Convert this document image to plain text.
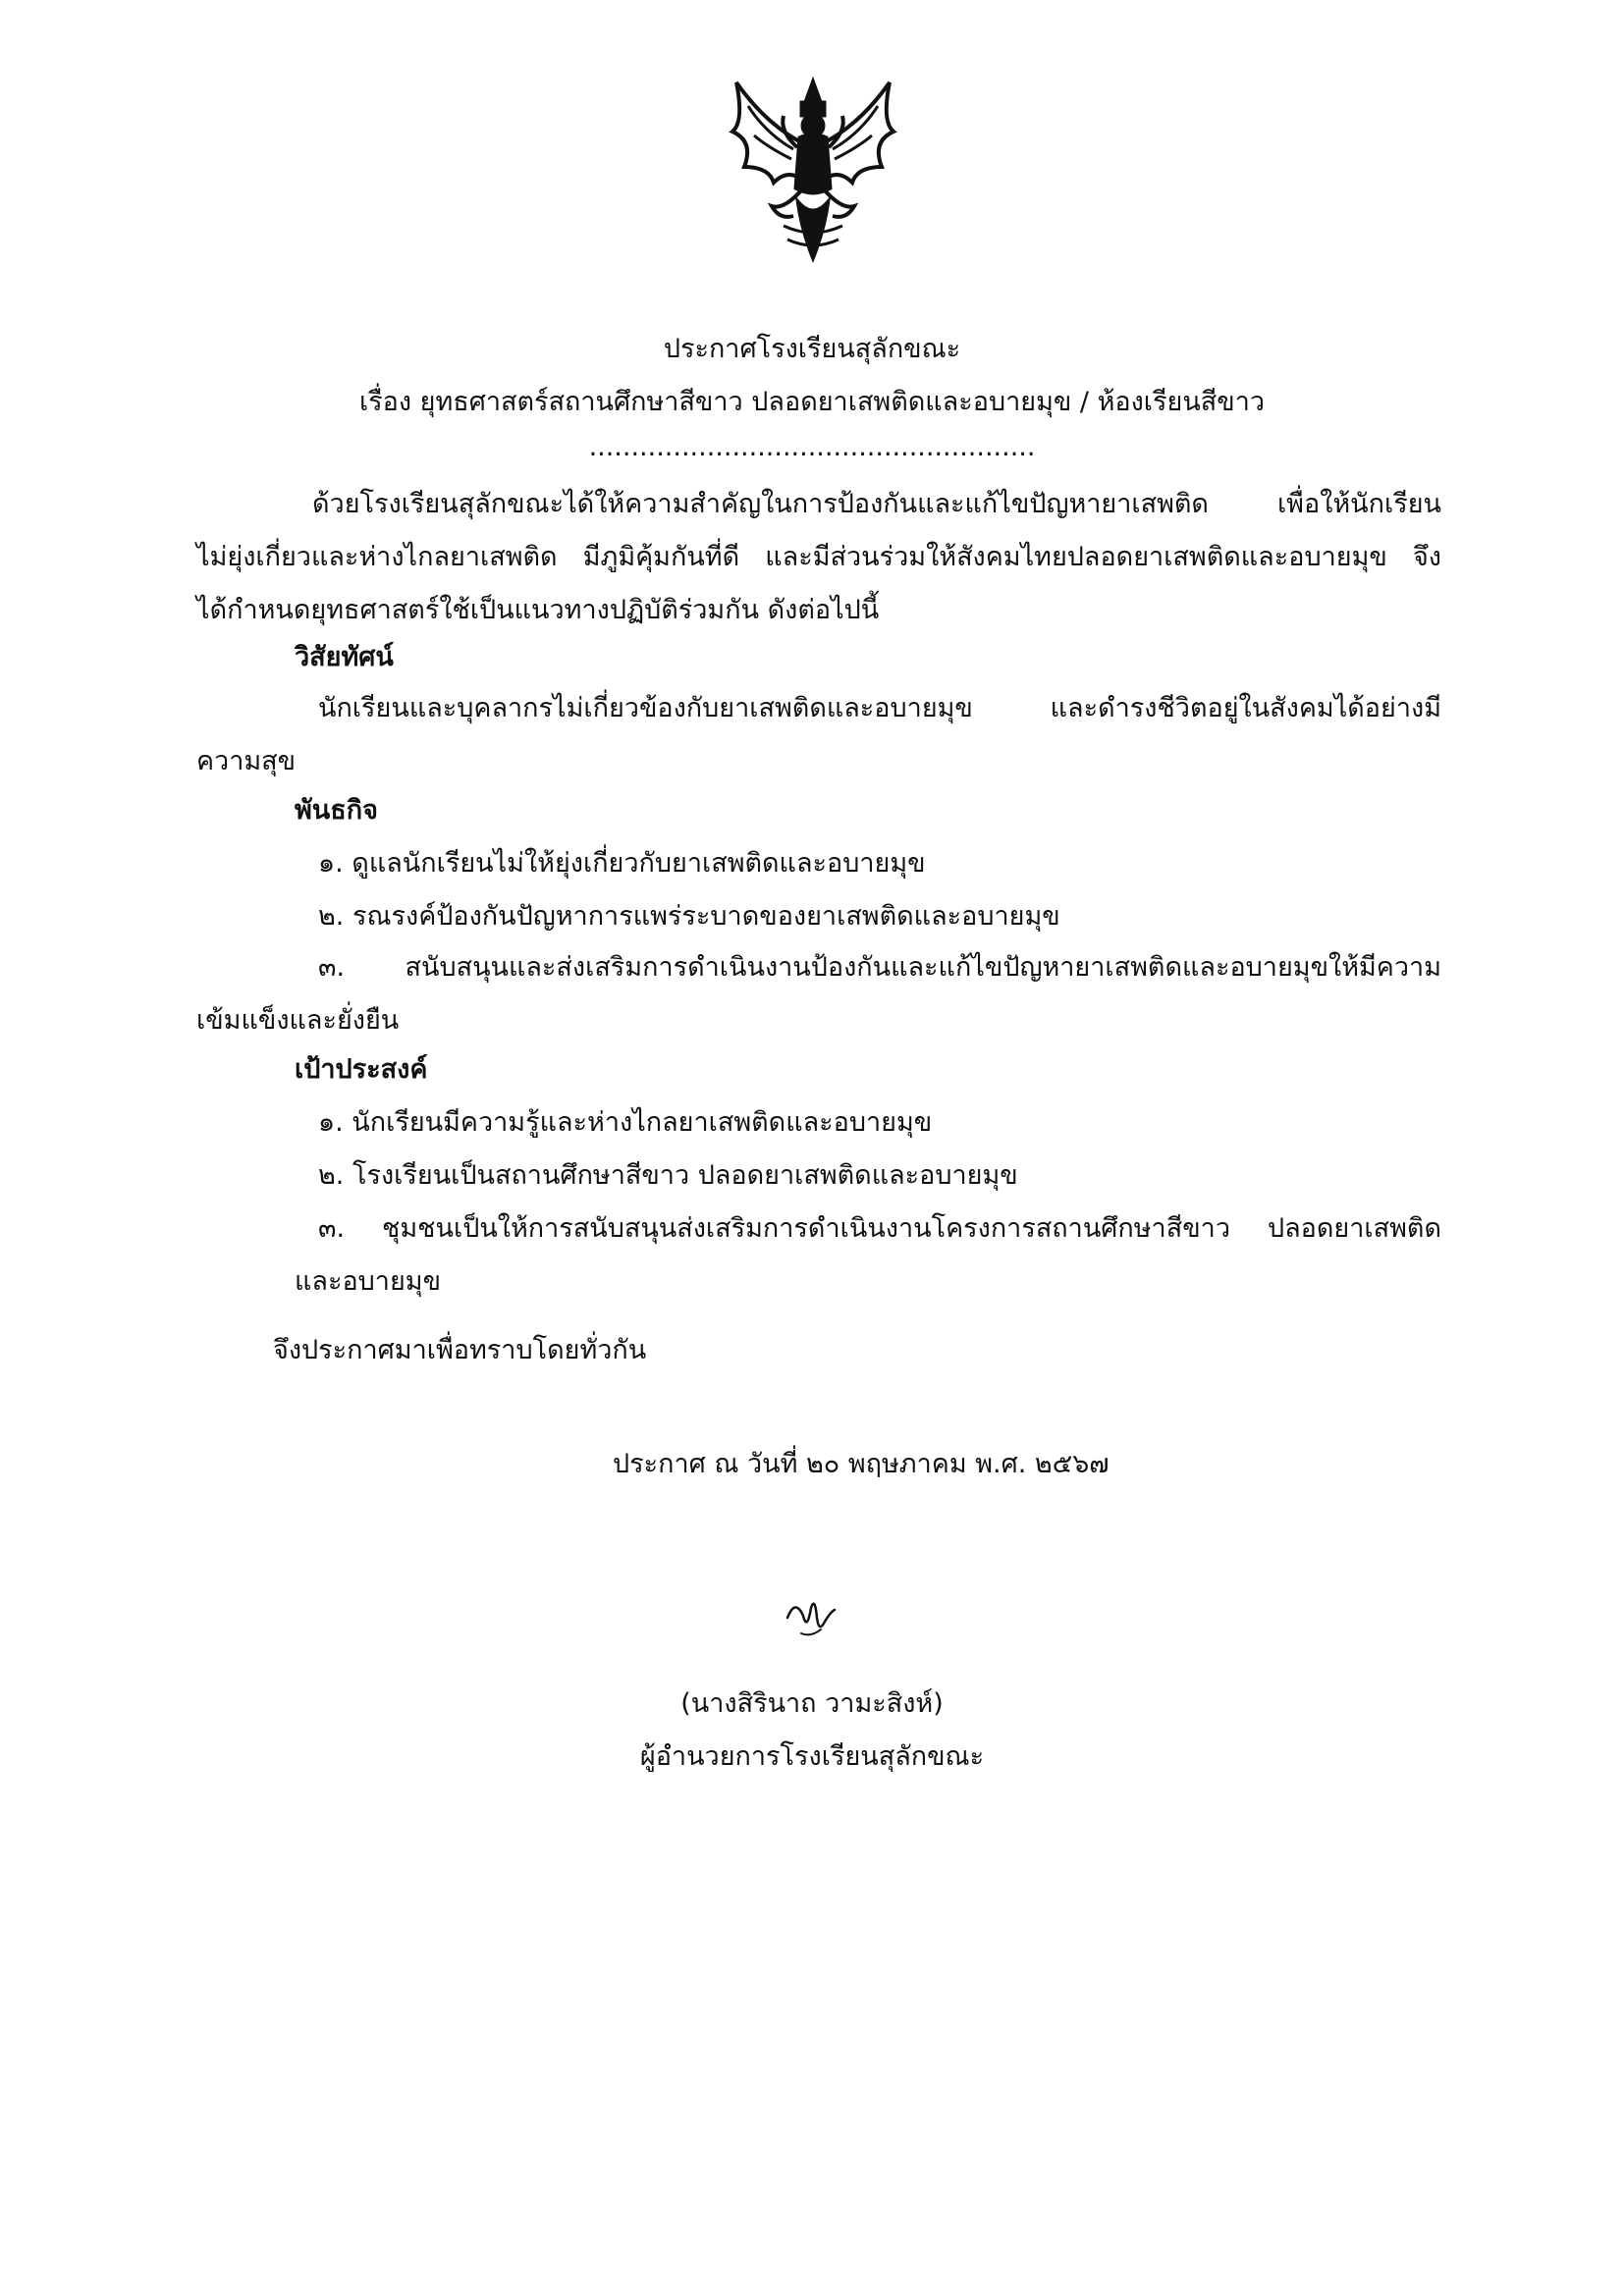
ประกาศโรงเรียนสุลักขณะ
เรื่อง ยุทธศาสตร์สถานศึกษาสีขาว ปลอดยาเสพติดและอบายมุข / ห้องเรียนสีขาว
.....................................................
ด้วยโรงเรียนสุลักขณะได้ให้ความสำคัญในการป้องกันและแก้ไขปัญหายาเสพติด เพื่อให้นักเรียน
ไม่ยุ่งเกี่ยวและห่างไกลยาเสพติด มีภูมิคุ้มกันที่ดี และมีส่วนร่วมให้สังคมไทยปลอดยาเสพติดและอบายมุข จึง
ได้กำหนดยุทธศาสตร์ใช้เป็นแนวทางปฏิบัติร่วมกัน ดังต่อไปนี้
วิสัยทัศน์
นักเรียนและบุคลากรไม่เกี่ยวข้องกับยาเสพติดและอบายมุข และดำรงชีวิตอยู่ในสังคมได้อย่างมี
ความสุข
พันธกิจ
๑. ดูแลนักเรียนไม่ให้ยุ่งเกี่ยวกับยาเสพติดและอบายมุข
๒. รณรงค์ป้องกันปัญหาการแพร่ระบาดของยาเสพติดและอบายมุข
๓. สนับสนุนและส่งเสริมการดำเนินงานป้องกันและแก้ไขปัญหายาเสพติดและอบายมุขให้มีความ
เข้มแข็งและยั่งยืน
เป้าประสงค์
๑. นักเรียนมีความรู้และห่างไกลยาเสพติดและอบายมุข
๒. โรงเรียนเป็นสถานศึกษาสีขาว ปลอดยาเสพติดและอบายมุข
๓. ชุมชนเป็นให้การสนับสนุนส่งเสริมการดำเนินงานโครงการสถานศึกษาสีขาว ปลอดยาเสพติด
และอบายมุข
จึงประกาศมาเพื่อทราบโดยทั่วกัน
ประกาศ ณ วันที่ ๒๐ พฤษภาคม พ.ศ. ๒๕๖๗
(นางสิรินาถ วามะสิงห์)
ผู้อำนวยการโรงเรียนสุลักขณะ
